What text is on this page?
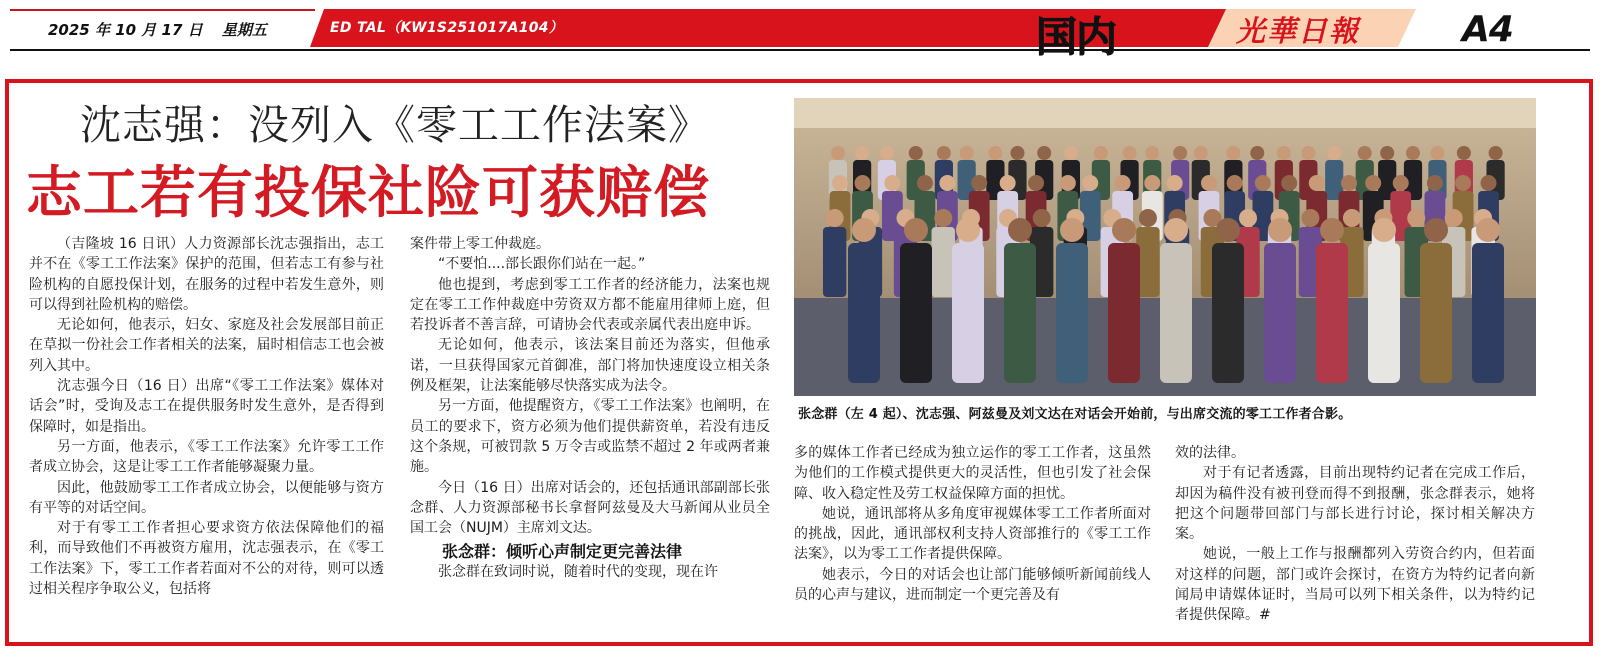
2025 年 10 月 17 日 星期五	ED TAL（KW1S251017A104）	国内	光華日報	A4
沈志强：没列入《零工工作法案》
志工若有投保社险可获赔偿

（吉隆坡 16 日讯）人力资源部长沈志强指出，志工并不在《零工工作法案》保护的范围，但若志工有参与社险机构的自愿投保计划，在服务的过程中若发生意外，则可以得到社险机构的赔偿。

无论如何，他表示，妇女、家庭及社会发展部目前正在草拟一份社会工作者相关的法案，届时相信志工也会被列入其中。

沈志强今日（16 日）出席“《零工工作法案》媒体对话会”时，受询及志工在提供服务时发生意外，是否得到保障时，如是指出。

另一方面，他表示，《零工工作法案》允许零工工作者成立协会，这是让零工工作者能够凝聚力量。

因此，他鼓励零工工作者成立协会，以便能够与资方有平等的对话空间。

对于有零工工作者担心要求资方依法保障他们的福利，而导致他们不再被资方雇用，沈志强表示，在《零工工作法案》下，零工工作者若面对不公的对待，则可以透过相关程序争取公义，包括将

案件带上零工仲裁庭。

“不要怕....部长跟你们站在一起。”

他也提到，考虑到零工工作者的经济能力，法案也规定在零工工作仲裁庭中劳资双方都不能雇用律师上庭，但若投诉者不善言辞，可请协会代表或亲属代表出庭申诉。

无论如何，他表示，该法案目前还为落实，但他承诺，一旦获得国家元首御准，部门将加快速度设立相关条例及框架，让法案能够尽快落实成为法令。

另一方面，他提醒资方，《零工工作法案》也阐明，在员工的要求下，资方必须为他们提供薪资单，若没有违反这个条规，可被罚款 5 万令吉或监禁不超过 2 年或两者兼施。

今日（16 日）出席对话会的，还包括通讯部副部长张念群、人力资源部秘书长拿督阿兹曼及大马新闻从业员全国工会（NUJM）主席刘文达。

张念群：倾听心声制定更完善法律

张念群在致词时说，随着时代的变现，现在许

多的媒体工作者已经成为独立运作的零工工作者，这虽然为他们的工作模式提供更大的灵活性，但也引发了社会保障、收入稳定性及劳工权益保障方面的担忧。

她说，通讯部将从多角度审视媒体零工工作者所面对的挑战，因此，通讯部权利支持人资部推行的《零工工作法案》，以为零工工作者提供保障。

她表示，今日的对话会也让部门能够倾听新闻前线人员的心声与建议，进而制定一个更完善及有

效的法律。

对于有记者透露，目前出现特约记者在完成工作后，却因为稿件没有被刊登而得不到报酬，张念群表示，她将把这个问题带回部门与部长进行讨论，探讨相关解决方案。

她说，一般上工作与报酬都列入劳资合约内，但若面对这样的问题，部门或许会探讨，在资方为特约记者向新闻局申请媒体证时，当局可以列下相关条件，以为特约记者提供保障。#

张念群（左 4 起）、沈志强、阿兹曼及刘文达在对话会开始前，与出席交流的零工工作者合影。
